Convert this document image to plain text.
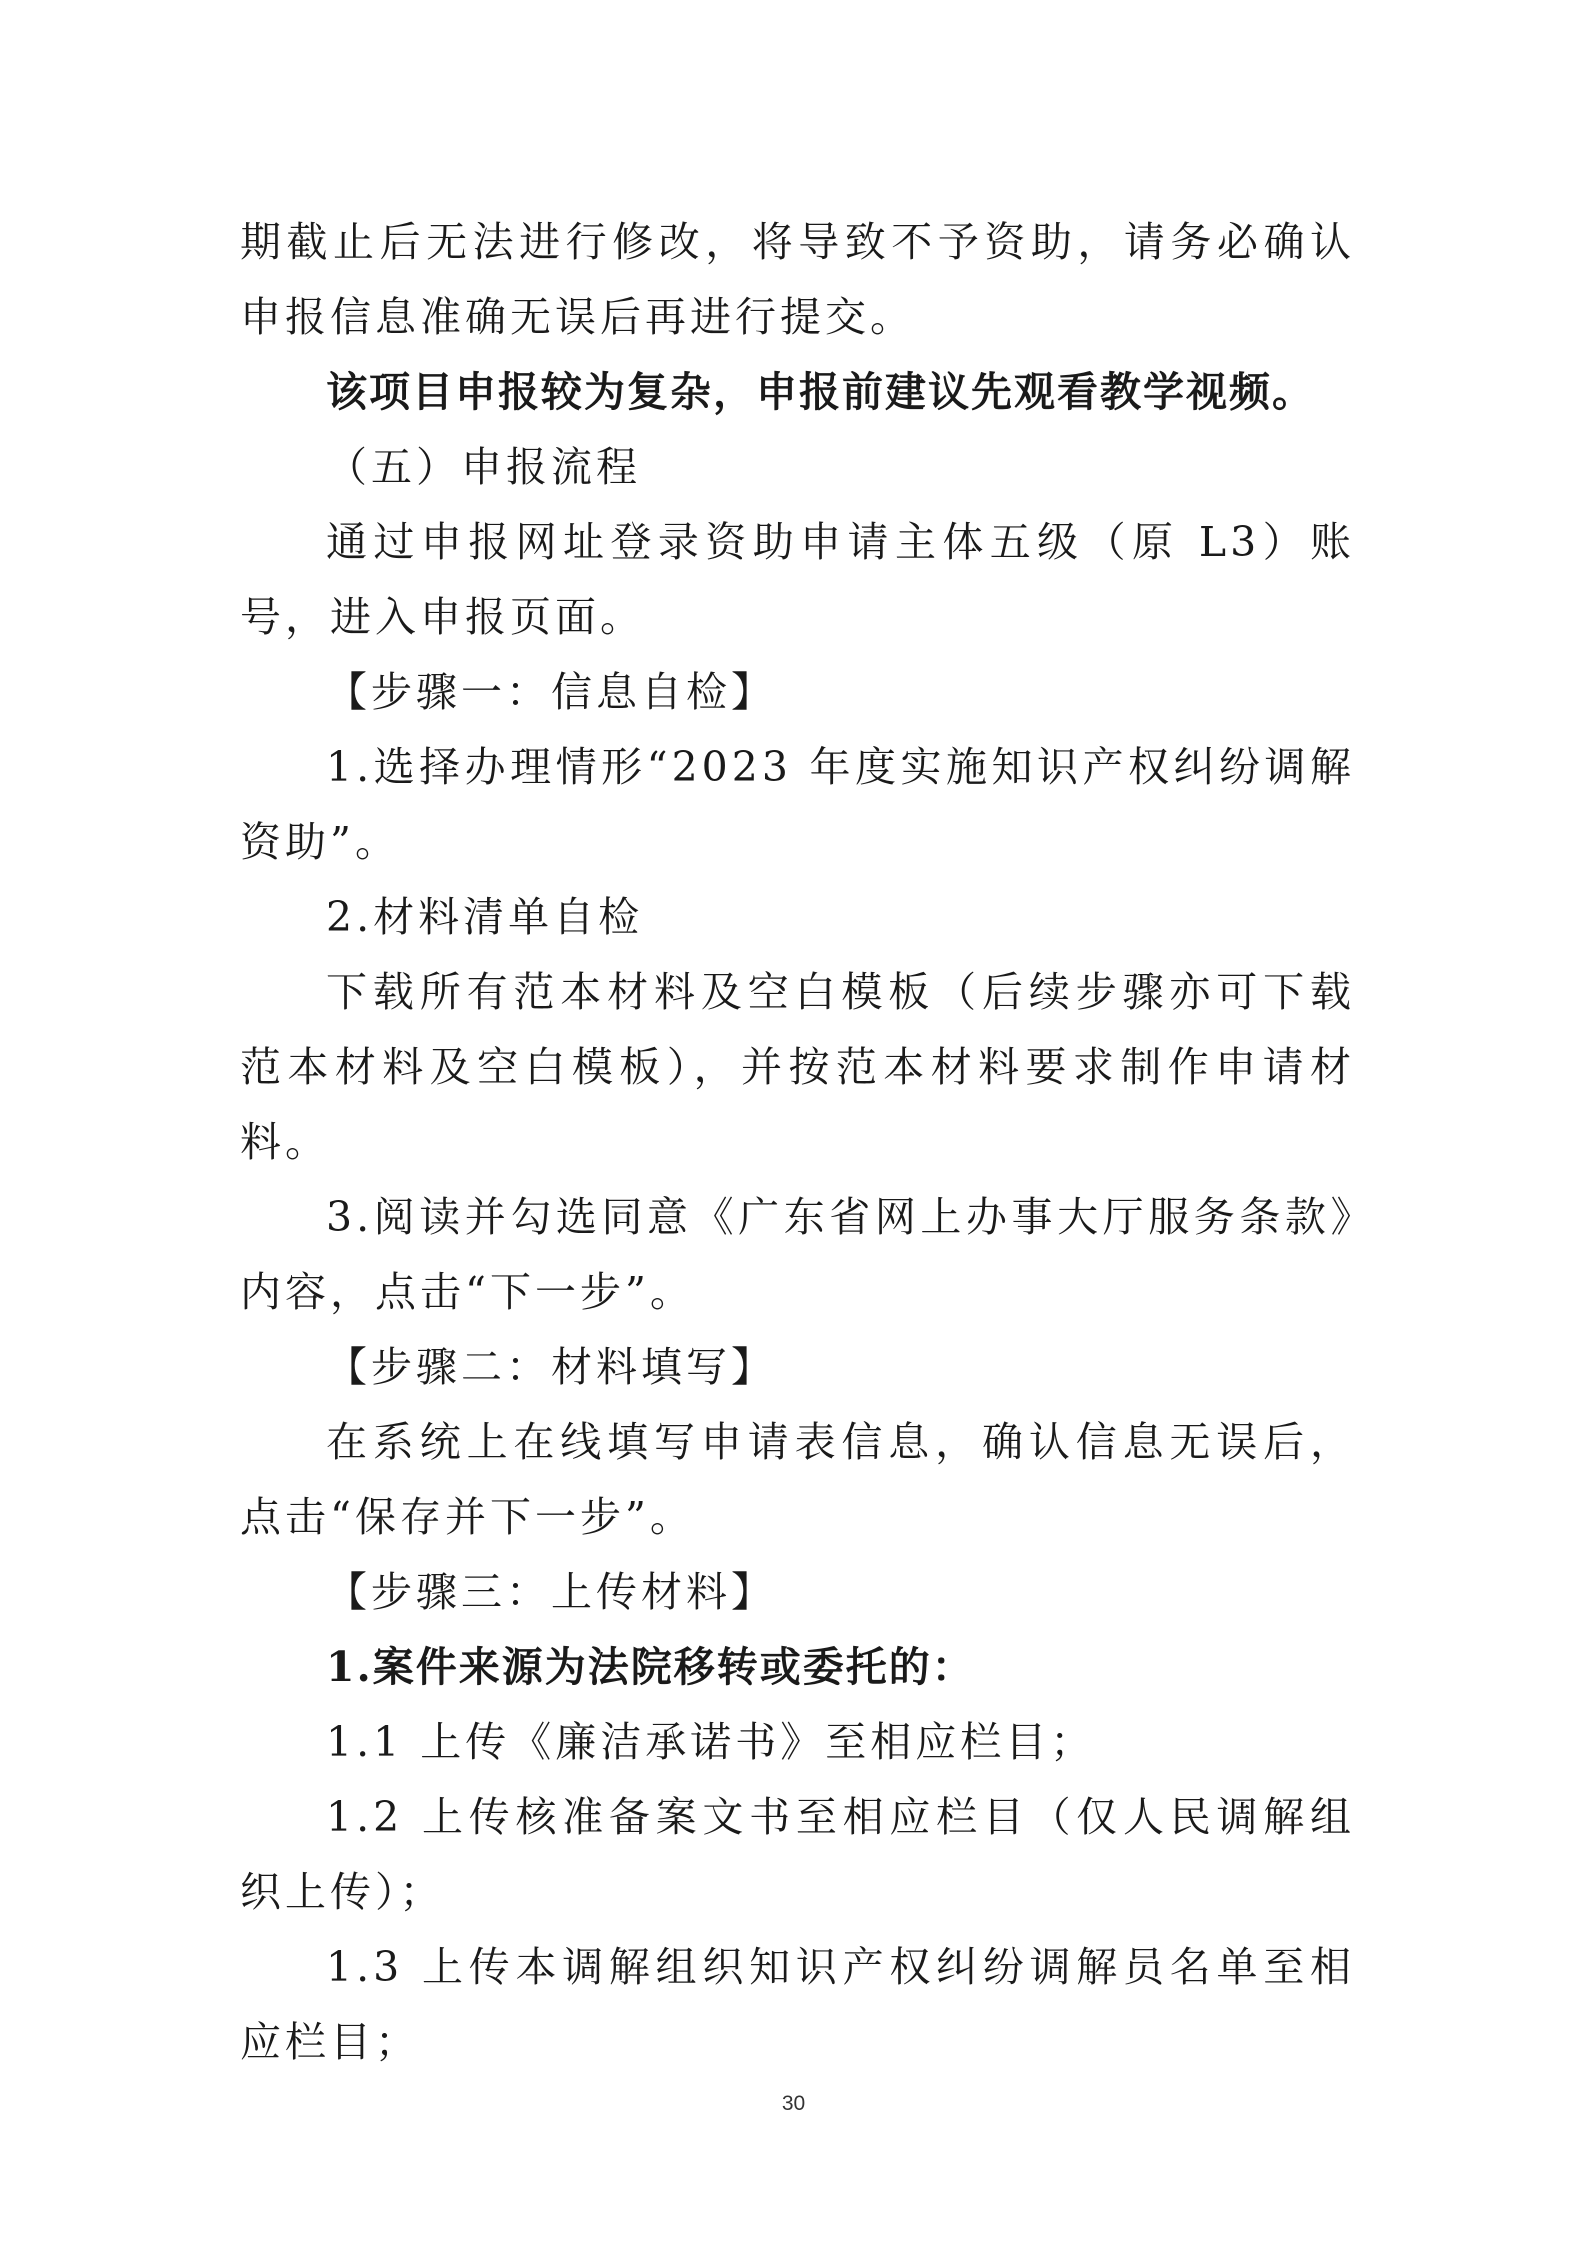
期截止后无法进行修改，将导致不予资助，请务必确认申报信息准确无误后再进行提交。

该项目申报较为复杂，申报前建议先观看教学视频。

（五）申报流程

通过申报网址登录资助申请主体五级（原 L3）账号，进入申报页面。

【步骤一：信息自检】

1.选择办理情形“2023 年度实施知识产权纠纷调解资助”。

2.材料清单自检

下载所有范本材料及空白模板（后续步骤亦可下载范本材料及空白模板），并按范本材料要求制作申请材料。

3.阅读并勾选同意《广东省网上办事大厅服务条款》内容，点击“下一步”。

【步骤二：材料填写】

在系统上在线填写申请表信息，确认信息无误后，点击“保存并下一步”。

【步骤三：上传材料】

1.案件来源为法院移转或委托的：

1.1 上传《廉洁承诺书》至相应栏目；

1.2 上传核准备案文书至相应栏目（仅人民调解组织上传）；

1.3 上传本调解组织知识产权纠纷调解员名单至相应栏目；

30
